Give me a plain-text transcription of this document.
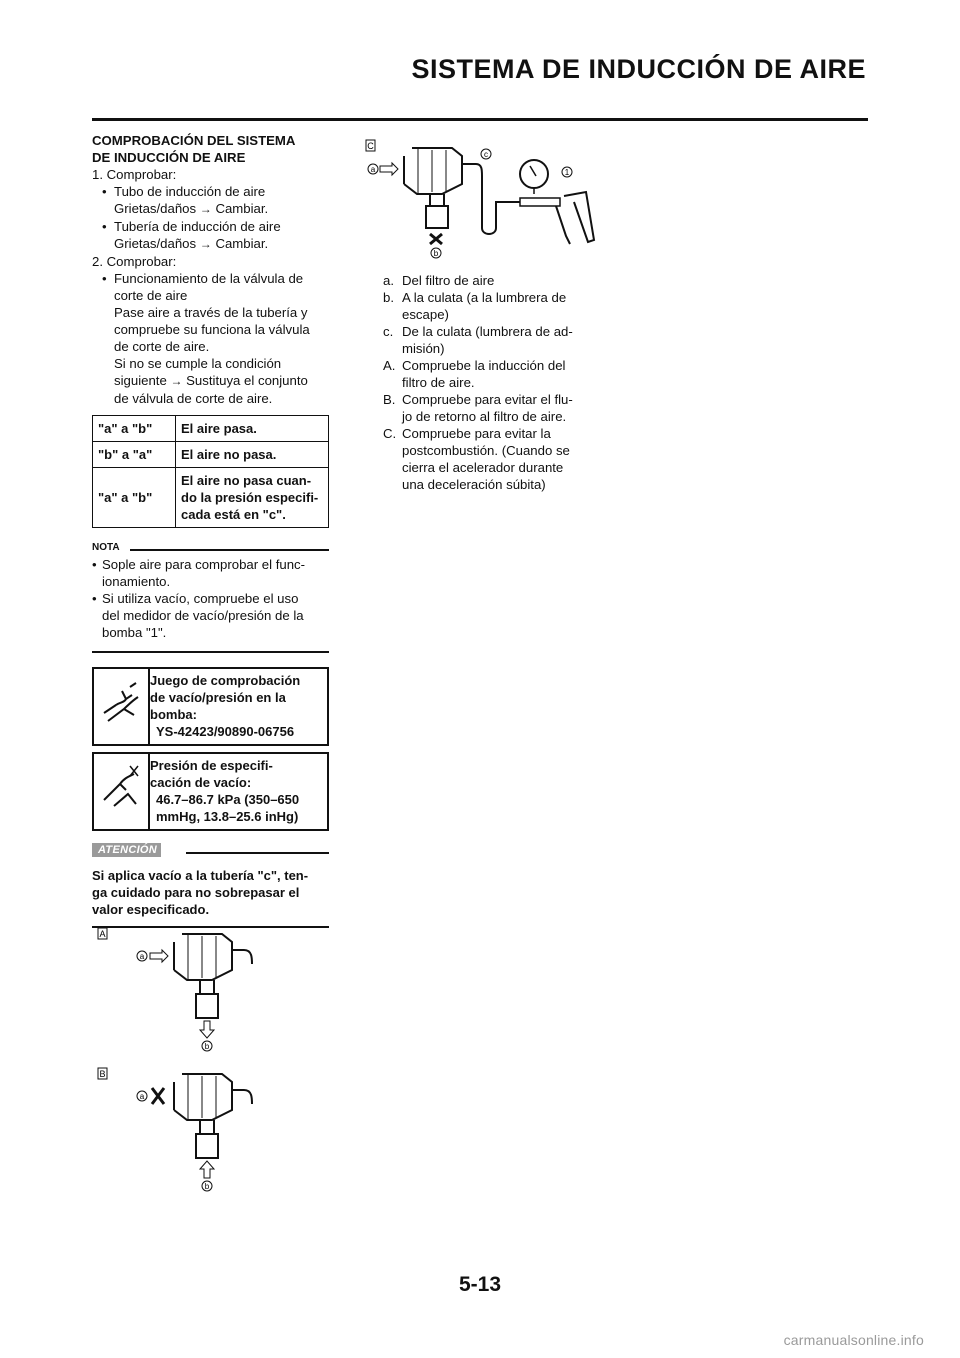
SISTEMA DE INDUCCIÓN DE AIRE
COMPROBACIÓN DEL SISTEMA
DE INDUCCIÓN DE AIRE
1. Comprobar:
• Tubo de inducción de aire
Grietas/daños → Cambiar.
• Tubería de inducción de aire
Grietas/daños → Cambiar.
2. Comprobar:
• Funcionamiento de la válvula de
corte de aire
Pase aire a través de la tubería y
compruebe su funciona la válvula
de corte de aire.
Si no se cumple la condición
siguiente → Sustituya el conjunto
de válvula de corte de aire.
"a" a "b"	El aire pasa.
"b" a "a"	El aire no pasa.
"a" a "b"	El aire no pasa cuan-
do la presión especifi-
cada está en "c".
NOTA
• Sople aire para comprobar el func-
ionamiento.
• Si utiliza vacío, compruebe el uso
del medidor de vacío/presión de la
bomba "1".
Juego de comprobación
de vacío/presión en la
bomba:
YS-42423/90890-06756
Presión de especifi-
cación de vacío:
46.7–86.7 kPa (350–650
mmHg, 13.8–25.6 inHg)
ATENCIÓN
Si aplica vacío a la tubería "c", ten-
ga cuidado para no sobrepasar el
valor especificado.
A
a
b
B
a
b
C
a
b
c
1
a. Del filtro de aire
b. A la culata (a la lumbrera de
escape)
c. De la culata (lumbrera de ad-
misión)
A. Compruebe la inducción del
filtro de aire.
B. Compruebe para evitar el flu-
jo de retorno al filtro de aire.
C. Compruebe para evitar la
postcombustión. (Cuando se
cierra el acelerador durante
una deceleración súbita)
5-13
carmanualsonline.info
